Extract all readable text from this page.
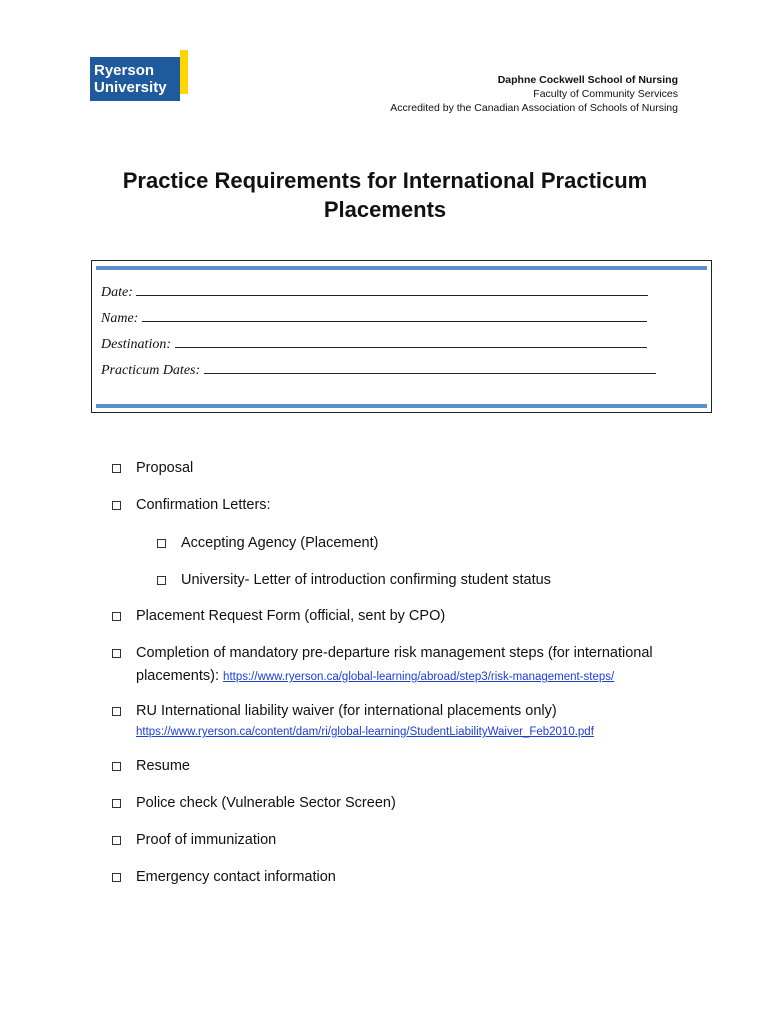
Ryerson
University	Daphne Cockwell School of Nursing
Faculty of Community Services
Accredited by the Canadian Association of Schools of Nursing
Practice Requirements for International Practicum
Placements
Date:
Name:
Destination:
Practicum Dates:
Proposal
Confirmation Letters:
Accepting Agency (Placement)
University- Letter of introduction confirming student status
Placement Request Form (official, sent by CPO)
Completion of mandatory pre-departure risk management steps (for international
placements): https://www.ryerson.ca/global-learning/abroad/step3/risk-management-steps/
RU International liability waiver (for international placements only)
https://www.ryerson.ca/content/dam/ri/global-learning/StudentLiabilityWaiver_Feb2010.pdf
Resume
Police check (Vulnerable Sector Screen)
Proof of immunization
Emergency contact information
